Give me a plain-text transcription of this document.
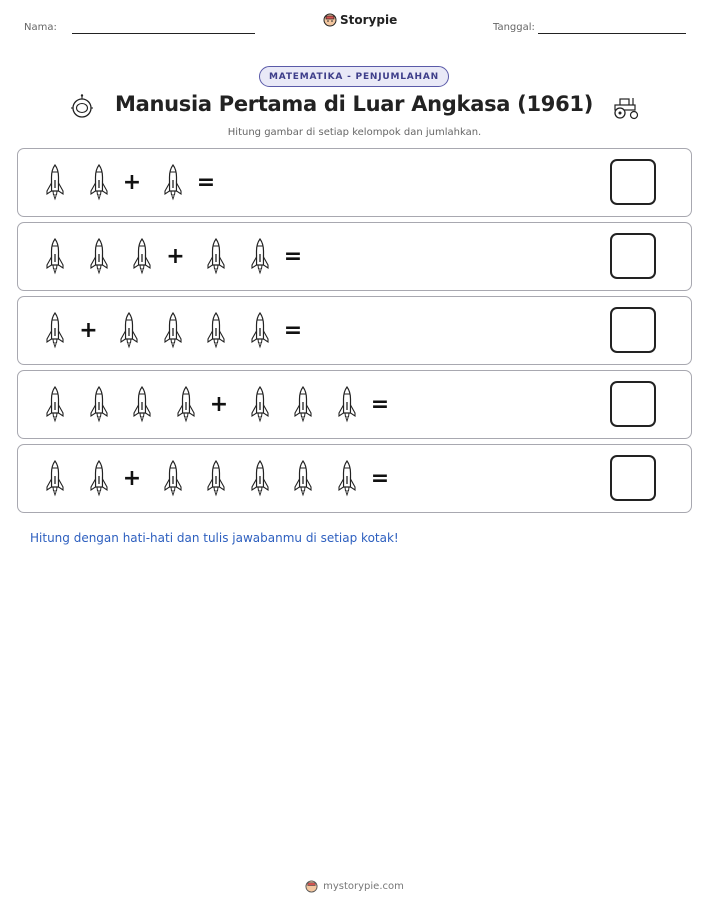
Nama:
Storypie
Tanggal:
MATEMATIKA - PENJUMLAHAN
Manusia Pertama di Luar Angkasa (1961)
Hitung gambar di setiap kelompok dan jumlahkan.
+	=
+	=
+	=
+	=
+	=
Hitung dengan hati-hati dan tulis jawabanmu di setiap kotak!
mystorypie.com
